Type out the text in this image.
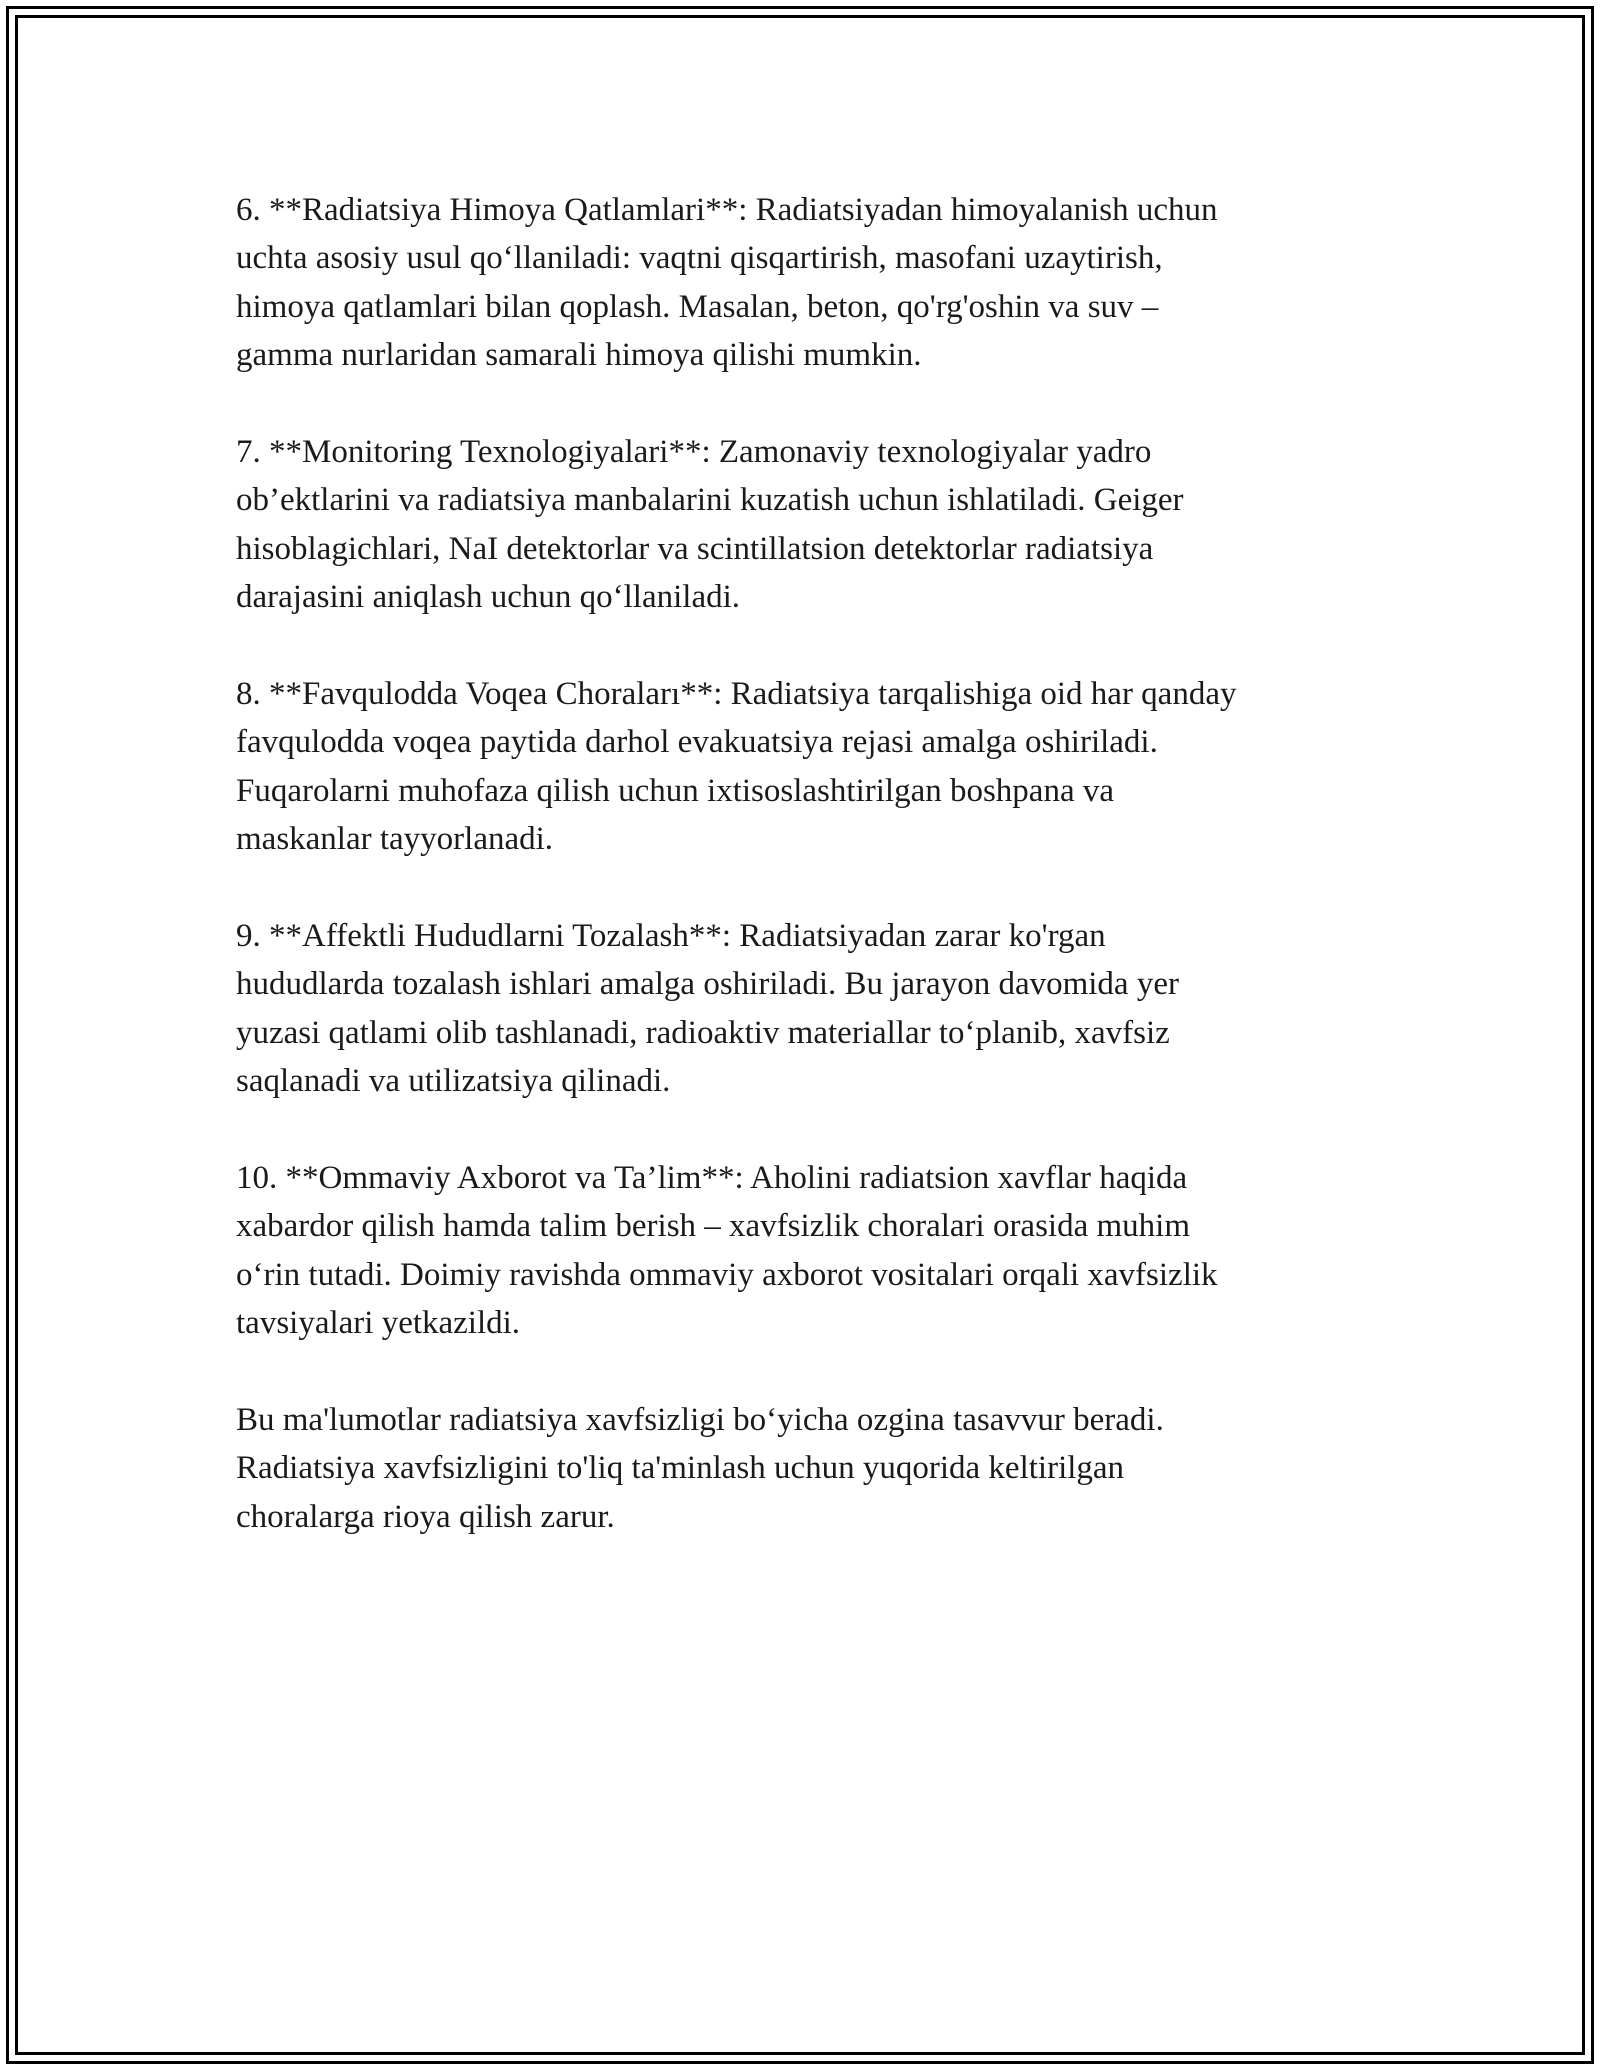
6. **Radiatsiya Himoya Qatlamlari**: Radiatsiyadan himoyalanish uchun
uchta asosiy usul qo‘llaniladi: vaqtni qisqartirish, masofani uzaytirish,
himoya qatlamlari bilan qoplash. Masalan, beton, qo'rg'oshin va suv –
gamma nurlaridan samarali himoya qilishi mumkin.

7. **Monitoring Texnologiyalari**: Zamonaviy texnologiyalar yadro
ob’ektlarini va radiatsiya manbalarini kuzatish uchun ishlatiladi. Geiger
hisoblagichlari, NaI detektorlar va scintillatsion detektorlar radiatsiya
darajasini aniqlash uchun qo‘llaniladi.

8. **Favqulodda Voqea Choraları**: Radiatsiya tarqalishiga oid har qanday
favqulodda voqea paytida darhol evakuatsiya rejasi amalga oshiriladi.
Fuqarolarni muhofaza qilish uchun ixtisoslashtirilgan boshpana va
maskanlar tayyorlanadi.

9. **Affektli Hududlarni Tozalash**: Radiatsiyadan zarar ko'rgan
hududlarda tozalash ishlari amalga oshiriladi. Bu jarayon davomida yer
yuzasi qatlami olib tashlanadi, radioaktiv materiallar to‘planib, xavfsiz
saqlanadi va utilizatsiya qilinadi.

10. **Ommaviy Axborot va Ta’lim**: Aholini radiatsion xavflar haqida
xabardor qilish hamda talim berish – xavfsizlik choralari orasida muhim
o‘rin tutadi. Doimiy ravishda ommaviy axborot vositalari orqali xavfsizlik
tavsiyalari yetkazildi.

Bu ma'lumotlar radiatsiya xavfsizligi bo‘yicha ozgina tasavvur beradi.
Radiatsiya xavfsizligini to'liq ta'minlash uchun yuqorida keltirilgan
choralarga rioya qilish zarur.
